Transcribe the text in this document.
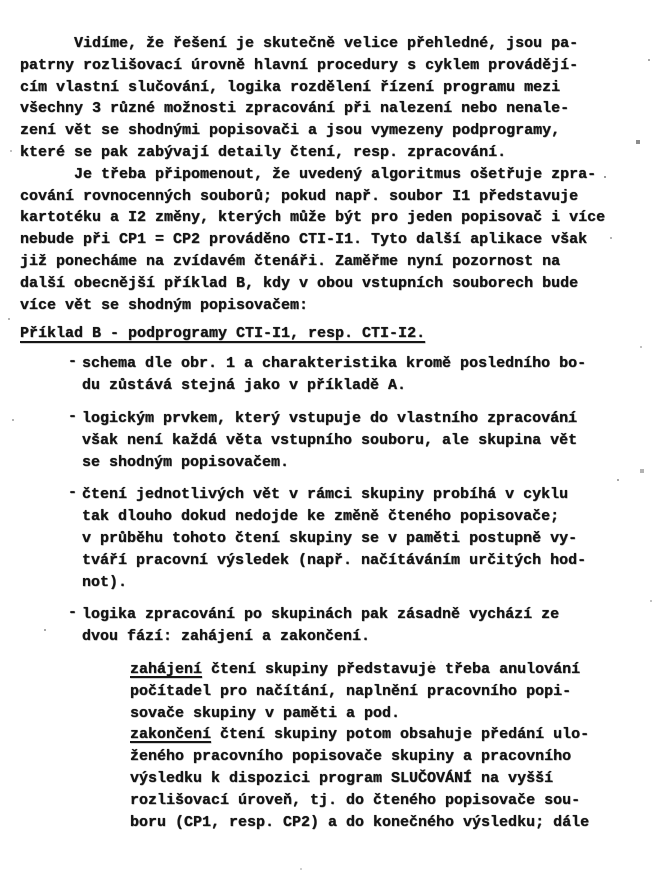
Vidíme, že řešení je skutečně velice přehledné, jsou pa-
patrny rozlišovací úrovně hlavní procedury s cyklem provádějí-
cím vlastní slučování, logika rozdělení řízení programu mezi
všechny 3 různé možnosti zpracování při nalezení nebo nenale-
zení vět se shodnými popisovači a jsou vymezeny podprogramy,
které se pak zabývají detaily čtení, resp. zpracování.
Je třeba připomenout, že uvedený algoritmus ošetřuje zpra-
cování rovnocenných souborů; pokud např. soubor I1 představuje
kartotéku a I2 změny, kterých může být pro jeden popisovač i více
nebude při CP1 = CP2 prováděno CTI-I1. Tyto další aplikace však
již ponecháme na zvídavém čtenáři. Zaměřme nyní pozornost na
další obecnější příklad B, kdy v obou vstupních souborech bude
více vět se shodným popisovačem:
Příklad B - podprogramy CTI-I1, resp. CTI-I2.
- schema dle obr. 1 a charakteristika kromě posledního bo-
du zůstává stejná jako v příkladě A.
- logickým prvkem, který vstupuje do vlastního zpracování
však není každá věta vstupního souboru, ale skupina vět
se shodným popisovačem.
- čtení jednotlivých vět v rámci skupiny probíhá v cyklu
tak dlouho dokud nedojde ke změně čteného popisovače;
v průběhu tohoto čtení skupiny se v paměti postupně vy-
tváří pracovní výsledek (např. načítáváním určitých hod-
not).
- logika zpracování po skupinách pak zásadně vychází ze
dvou fází: zahájení a zakončení.
zahájení čtení skupiny představuje třeba anulování
počítadel pro načítání, naplnění pracovního popi-
sovače skupiny v paměti a pod.
zakončení čtení skupiny potom obsahuje předání ulo-
ženého pracovního popisovače skupiny a pracovního
výsledku k dispozici program SLUČOVÁNÍ na vyšší
rozlišovací úroveň, tj. do čteného popisovače sou-
boru (CP1, resp. CP2) a do konečného výsledku; dále
